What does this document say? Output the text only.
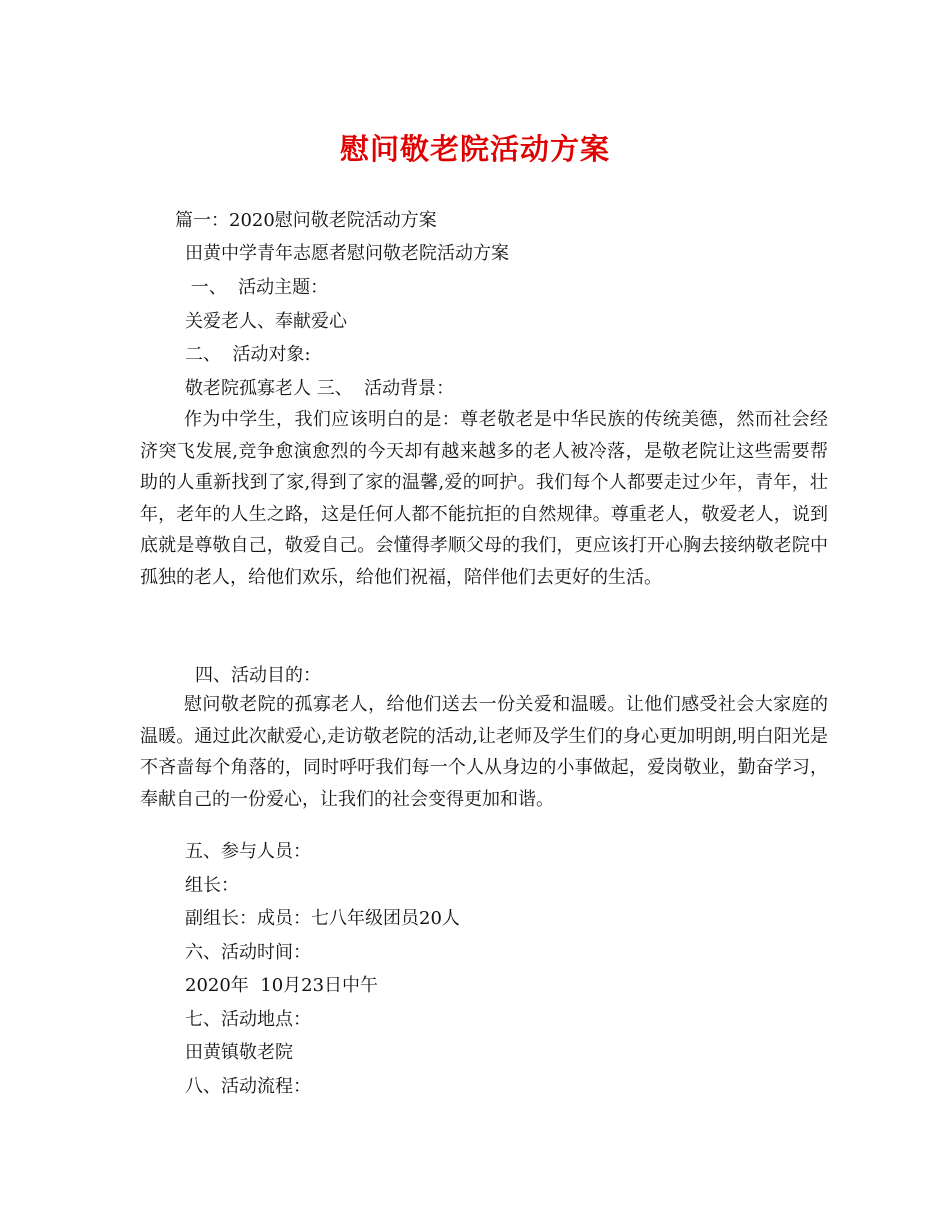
慰问敬老院活动方案

篇一：2020慰问敬老院活动方案

田黄中学青年志愿者慰问敬老院活动方案

一、  活动主题：

关爱老人、奉献爱心

二、  活动对象:

敬老院孤寡老人 三、  活动背景：

作为中学生，我们应该明白的是：尊老敬老是中华民族的传统美德，然而社会经济突飞发展,竞争愈演愈烈的今天却有越来越多的老人被冷落，是敬老院让这些需要帮助的人重新找到了家,得到了家的温馨,爱的呵护。我们每个人都要走过少年，青年，壮年，老年的人生之路，这是任何人都不能抗拒的自然规律。尊重老人，敬爱老人，说到底就是尊敬自己，敬爱自己。会懂得孝顺父母的我们，更应该打开心胸去接纳敬老院中孤独的老人，给他们欢乐，给他们祝福，陪伴他们去更好的生活。

四、活动目的：

慰问敬老院的孤寡老人，给他们送去一份关爱和温暖。让他们感受社会大家庭的温暖。通过此次献爱心,走访敬老院的活动,让老师及学生们的身心更加明朗,明白阳光是不吝啬每个角落的，同时呼吁我们每一个人从身边的小事做起，爱岗敬业，勤奋学习，奉献自己的一份爱心，让我们的社会变得更加和谐。

五、参与人员：

组长：

副组长：成员：七八年级团员20人

六、活动时间：

2020年  10月23日中午

七、活动地点：

田黄镇敬老院

八、活动流程：
